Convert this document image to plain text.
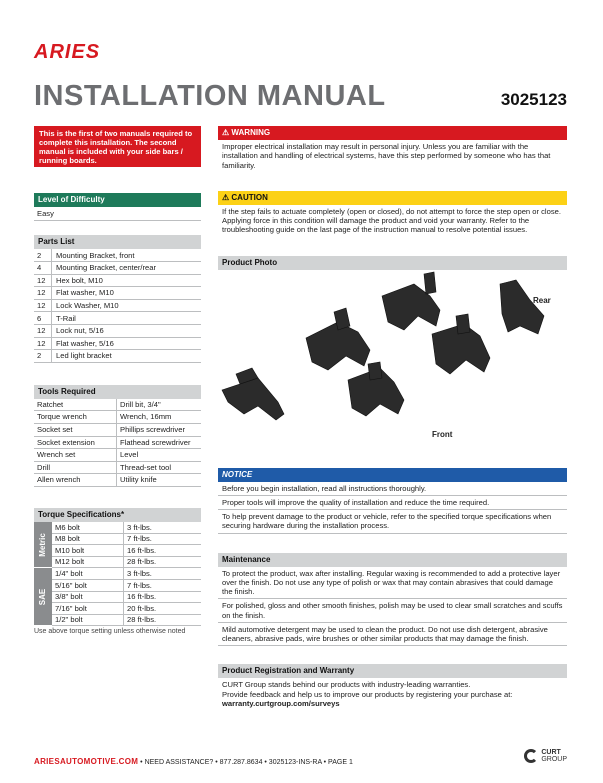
ARIES
INSTALLATION MANUAL	3025123
This is the first of two manuals required to complete this installation. The second manual is included with your side bars / running boards.
Level of Difficulty
Easy
Parts List
2	Mounting Bracket, front
4	Mounting Bracket, center/rear
12	Hex bolt, M10
12	Flat washer, M10
12	Lock Washer, M10
6	T-Rail
12	Lock nut, 5/16
12	Flat washer, 5/16
2	Led light bracket
Tools Required
Ratchet	Drill bit, 3/4"
Torque wrench	Wrench, 16mm
Socket set	Phillips screwdriver
Socket extension	Flathead screwdriver
Wrench set	Level
Drill	Thread-set tool
Allen wrench	Utility knife
Torque Specifications*
Metric
M6 bolt	3 ft-lbs.
M8 bolt	7 ft-lbs.
M10 bolt	16 ft-lbs.
M12 bolt	28 ft-lbs.
SAE
1/4" bolt	3 ft-lbs.
5/16" bolt	7 ft-lbs.
3/8" bolt	16 ft-lbs.
7/16" bolt	20 ft-lbs.
1/2" bolt	28 ft-lbs.
Use above torque setting unless otherwise noted
⚠ WARNING
Improper electrical installation may result in personal injury. Unless you are familiar with the installation and handling of electrical systems, have this step performed by someone who has that familiarity.
⚠ CAUTION
If the step fails to actuate completely (open or closed), do not attempt to force the step open or close. Applying force in this condition will damage the product and void your warranty. Refer to the troubleshooting guide on the last page of the instruction manual to resolve potential issues.
Product Photo
Rear
Front
NOTICE
Before you begin installation, read all instructions thoroughly.
Proper tools will improve the quality of installation and reduce the time required.
To help prevent damage to the product or vehicle, refer to the specified torque specifications when securing hardware during the installation process.
Maintenance
To protect the product, wax after installing. Regular waxing is recommended to add a protective layer over the finish. Do not use any type of polish or wax that may contain abrasives that could damage the finish.
For polished, gloss and other smooth finishes, polish may be used to clear small scratches and scuffs on the finish.
Mild automotive detergent may be used to clean the product. Do not use dish detergent, abrasive cleaners, abrasive pads, wire brushes or other similar products that may damage the finish.
Product Registration and Warranty
CURT Group stands behind our products with industry-leading warranties.
Provide feedback and help us to improve our products by registering your purchase at:
warranty.curtgroup.com/surveys
ARIESAUTOMOTIVE.COM • NEED ASSISTANCE? • 877.287.8634 • 3025123-INS-RA • PAGE 1
CURT
GROUP
